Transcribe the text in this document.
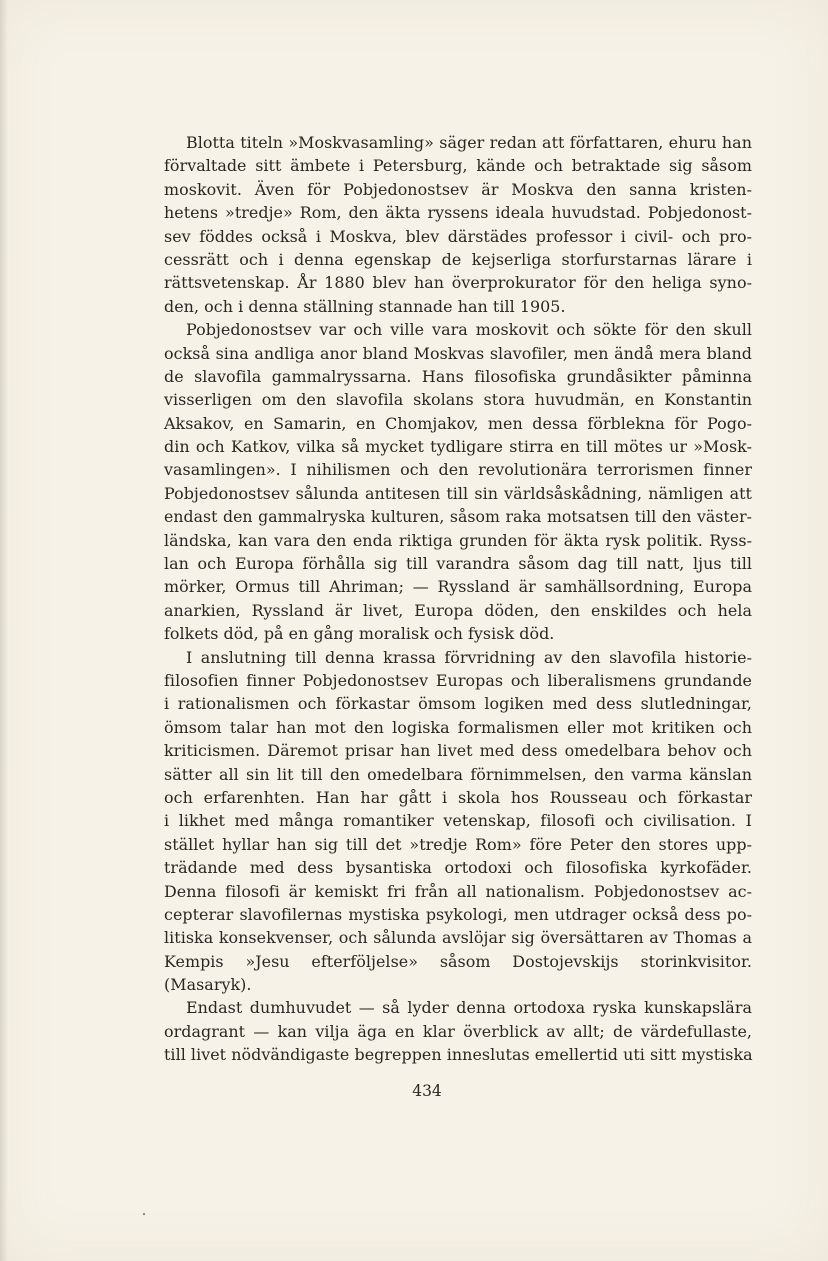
Blotta titeln »Moskvasamling» säger redan att författaren, ehuru han
förvaltade sitt ämbete i Petersburg, kände och betraktade sig såsom
moskovit. Även för Pobjedonostsev är Moskva den sanna kristen-
hetens »tredje» Rom, den äkta ryssens ideala huvudstad. Pobjedonost-
sev föddes också i Moskva, blev därstädes professor i civil- och pro-
cessrätt och i denna egenskap de kejserliga storfurstarnas lärare i
rättsvetenskap. År 1880 blev han överprokurator för den heliga syno-
den, och i denna ställning stannade han till 1905.
Pobjedonostsev var och ville vara moskovit och sökte för den skull
också sina andliga anor bland Moskvas slavofiler, men ändå mera bland
de slavofila gammalryssarna. Hans filosofiska grundåsikter påminna
visserligen om den slavofila skolans stora huvudmän, en Konstantin
Aksakov, en Samarin, en Chomjakov, men dessa förblekna för Pogo-
din och Katkov, vilka så mycket tydligare stirra en till mötes ur »Mosk-
vasamlingen». I nihilismen och den revolutionära terrorismen finner
Pobjedonostsev sålunda antitesen till sin världsåskådning, nämligen att
endast den gammalryska kulturen, såsom raka motsatsen till den väster-
ländska, kan vara den enda riktiga grunden för äkta rysk politik. Ryss-
lan och Europa förhålla sig till varandra såsom dag till natt, ljus till
mörker, Ormus till Ahriman; — Ryssland är samhällsordning, Europa
anarkien, Ryssland är livet, Europa döden, den enskildes och hela
folkets död, på en gång moralisk och fysisk död.
I anslutning till denna krassa förvridning av den slavofila historie-
filosofien finner Pobjedonostsev Europas och liberalismens grundande
i rationalismen och förkastar ömsom logiken med dess slutledningar,
ömsom talar han mot den logiska formalismen eller mot kritiken och
kriticismen. Däremot prisar han livet med dess omedelbara behov och
sätter all sin lit till den omedelbara förnimmelsen, den varma känslan
och erfarenhten. Han har gått i skola hos Rousseau och förkastar
i likhet med många romantiker vetenskap, filosofi och civilisation. I
stället hyllar han sig till det »tredje Rom» före Peter den stores upp-
trädande med dess bysantiska ortodoxi och filosofiska kyrkofäder.
Denna filosofi är kemiskt fri från all nationalism. Pobjedonostsev ac-
cepterar slavofilernas mystiska psykologi, men utdrager också dess po-
litiska konsekvenser, och sålunda avslöjar sig översättaren av Thomas a
Kempis »Jesu efterföljelse» såsom Dostojevskijs storinkvisitor.
(Masaryk).
Endast dumhuvudet — så lyder denna ortodoxa ryska kunskapslära
ordagrant — kan vilja äga en klar överblick av allt; de värdefullaste,
till livet nödvändigaste begreppen inneslutas emellertid uti sitt mystiska
434
